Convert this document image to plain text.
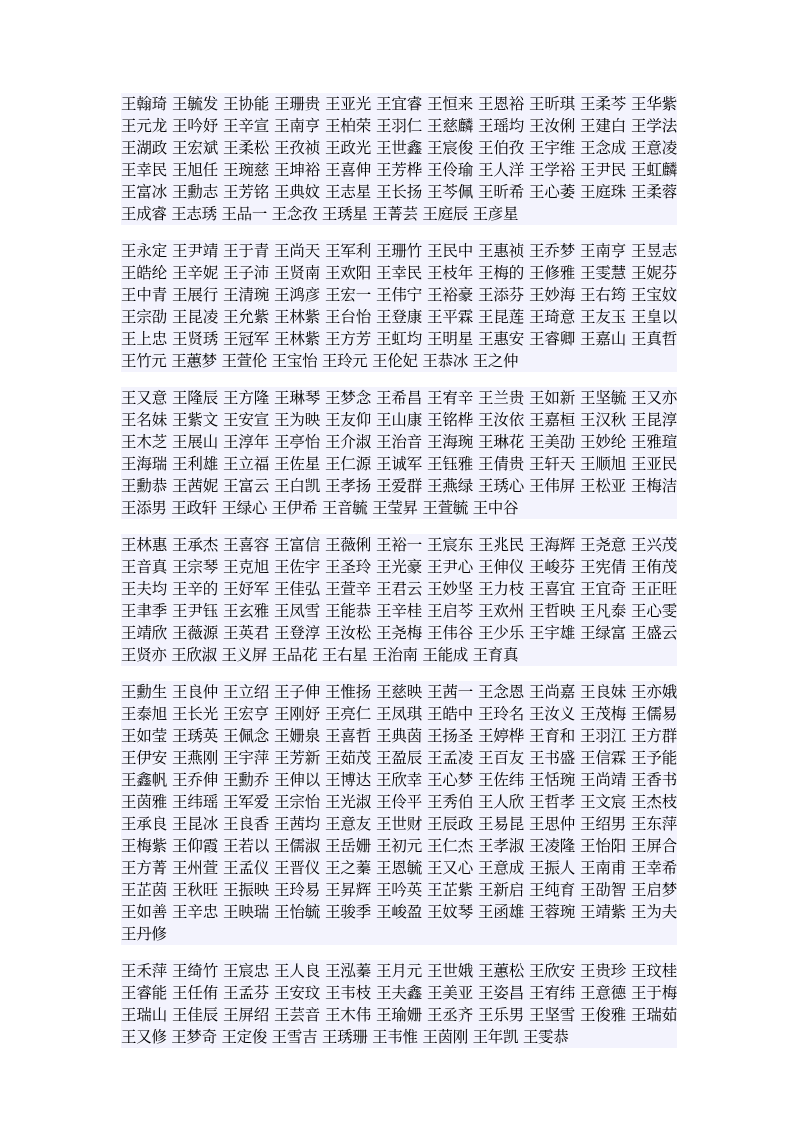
王翰琦 王毓发 王协能 王珊贵 王亚光 王宜睿 王恒来 王恩裕 王昕琪 王柔芩 王华紫 王元龙 王吟妤 王辛宣 王南亨 王柏荣 王羽仁 王慈麟 王瑶均 王汝俐 王建白 王学法 王湖政 王宏斌 王柔松 王孜祯 王政光 王世鑫 王宸俊 王伯孜 王宇维 王念成 王意凌 王幸民 王旭任 王琬慈 王坤裕 王喜伸 王芳桦 王伶瑜 王人洋 王学裕 王尹民 王虹麟 王富冰 王勳志 王芳铭 王典妏 王志星 王长扬 王芩佩 王昕希 王心萎 王庭珠 王柔蓉 王成睿 王志琇 王品一 王念孜 王琇星 王菁芸 王庭辰 王彦星

王永定 王尹靖 王于青 王尚天 王军利 王珊竹 王民中 王惠祯 王乔梦 王南亨 王昱志 王皓纶 王辛妮 王子沛 王贤南 王欢阳 王幸民 王枝年 王梅的 王修雅 王雯慧 王妮芬 王中青 王展行 王清琬 王鸿彦 王宏一 王伟宁 王裕豪 王添芬 王妙海 王右筠 王宝妏 王宗劭 王昆凌 王允紫 王林紫 王台怡 王登康 王平霖 王昆莲 王琦意 王友玉 王皇以 王上忠 王贤琇 王冠军 王林紫 王方芳 王虹均 王明星 王惠安 王睿卿 王嘉山 王真哲 王竹元 王蕙梦 王萱伦 王宝怡 王玲元 王伦妃 王恭冰 王之仲

王又意 王隆辰 王方隆 王琳琴 王梦念 王希昌 王宥辛 王兰贵 王如新 王坚毓 王又亦 王名妹 王紫文 王安宣 王为映 王友仰 王山康 王铭桦 王汝依 王嘉桓 王汉秋 王昆淳 王木芝 王展山 王淳年 王亭怡 王介淑 王治音 王海琬 王琳花 王美劭 王妙纶 王雅瑄 王海瑞 王利雄 王立福 王佐星 王仁源 王诚军 王钰雅 王倩贵 王轩天 王顺旭 王亚民 王勳恭 王茜妮 王富云 王白凯 王孝扬 王爱群 王燕绿 王琇心 王伟屏 王松亚 王梅洁 王添男 王政轩 王绿心 王伊希 王音毓 王莹昇 王萱毓 王中谷

王林惠 王承杰 王喜容 王富信 王薇俐 王裕一 王宸东 王兆民 王海辉 王尧意 王兴茂 王音真 王宗琴 王克旭 王佐宇 王圣玲 王光豪 王尹心 王伸仪 王峻芬 王宪倩 王侑茂 王夫均 王辛的 王妤军 王佳弘 王萱辛 王君云 王妙坚 王力枝 王喜宜 王宜奇 王正旺 王聿季 王尹钰 王玄雅 王凤雪 王能恭 王辛桂 王启芩 王欢州 王哲映 王凡泰 王心雯 王靖欣 王薇源 王英君 王登淳 王汝松 王尧梅 王伟谷 王少乐 王宇雄 王绿富 王盛云 王贤亦 王欣淑 王义屏 王品花 王右星 王治南 王能成 王育真

王勳生 王良仲 王立绍 王子伸 王惟扬 王慈映 王茜一 王念恩 王尚嘉 王良妹 王亦娥 王泰旭 王长光 王宏亨 王刚妤 王亮仁 王凤琪 王皓中 王玲名 王汝义 王茂梅 王儒易 王如莹 王琇英 王佩念 王姗泉 王喜哲 王典茵 王扬圣 王婷桦 王育和 王羽江 王方群 王伊安 王燕刚 王宇萍 王芳新 王茹茂 王盈辰 王孟凌 王百友 王书盛 王信霖 王予能 王鑫帆 王乔伸 王勳乔 王伸以 王博达 王欣幸 王心梦 王佐纬 王恬琬 王尚靖 王香书 王茵雅 王纬瑶 王军爱 王宗怡 王光淑 王伶平 王秀伯 王人欣 王哲孝 王文宸 王杰枝 王承良 王昆冰 王良香 王茜均 王意友 王世财 王辰政 王易昆 王思仲 王绍男 王东萍 王梅紫 王仰霞 王若以 王儒淑 王岳姗 王初元 王仁杰 王孝淑 王凌隆 王怡阳 王屏合 王方菁 王州萱 王孟仪 王晋仪 王之蓁 王恩毓 王又心 王意成 王振人 王南甫 王幸希 王芷茵 王秋旺 王振映 王玲易 王昇辉 王吟英 王芷紫 王新启 王纯育 王劭智 王启梦 王如善 王辛忠 王映瑞 王怡毓 王骏季 王峻盈 王妏琴 王函雄 王蓉琬 王靖紫 王为夫 王丹修

王禾萍 王绮竹 王宸忠 王人良 王泓蓁 王月元 王世娥 王蕙松 王欣安 王贵珍 王玟桂 王睿能 王任侑 王孟芬 王安玟 王韦枝 王夫鑫 王美亚 王姿昌 王宥纬 王意德 王于梅 王瑞山 王佳辰 王屏绍 王芸音 王木伟 王瑜姗 王丞齐 王乐男 王坚雪 王俊雅 王瑞茹 王又修 王梦奇 王定俊 王雪吉 王琇珊 王韦惟 王茵刚 王年凯 王雯恭
